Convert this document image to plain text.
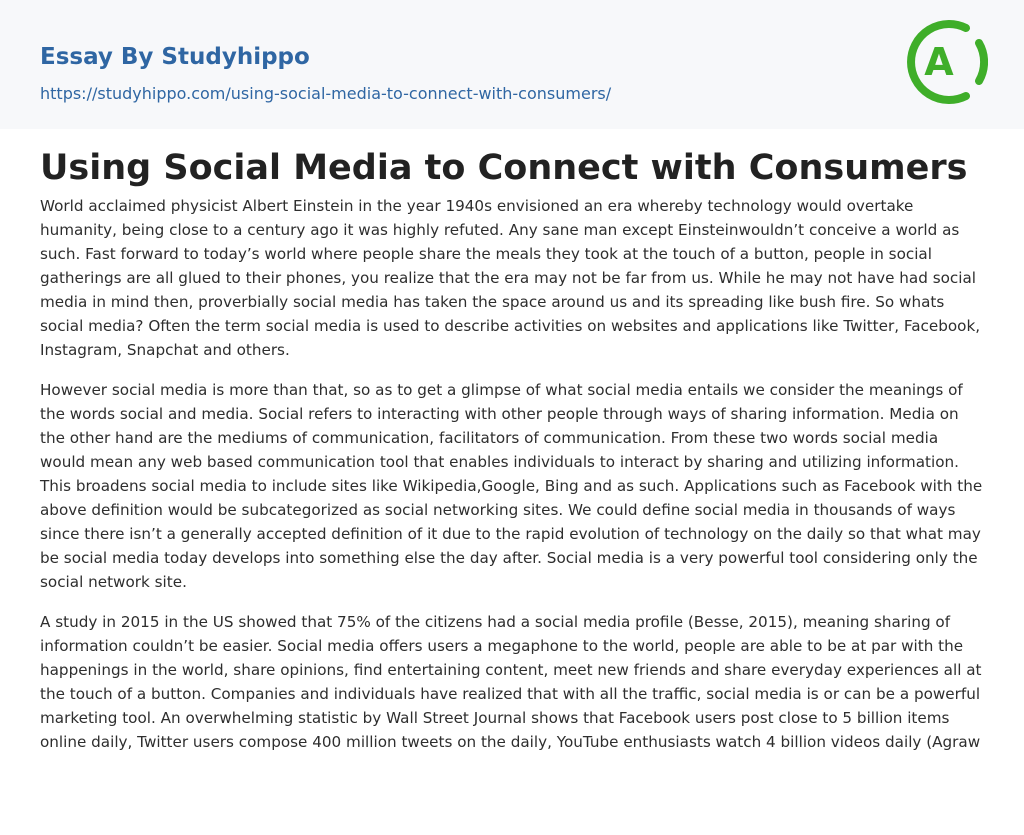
Essay By Studyhippo
https://studyhippo.com/using-social-media-to-connect-with-consumers/
A
Using Social Media to Connect with Consumers

World acclaimed physicist Albert Einstein in the year 1940s envisioned an era whereby technology would overtake humanity, being close to a century ago it was highly refuted. Any sane man except Einsteinwouldn’t conceive a world as such. Fast forward to today’s world where people share the meals they took at the touch of a button, people in social gatherings are all glued to their phones, you realize that the era may not be far from us. While he may not have had social media in mind then, proverbially social media has taken the space around us and its spreading like bush fire. So whats social media? Often the term social media is used to describe activities on websites and applications like Twitter, Facebook, Instagram, Snapchat and others.

However social media is more than that, so as to get a glimpse of what social media entails we consider the meanings of the words social and media. Social refers to interacting with other people through ways of sharing information. Media on the other hand are the mediums of communication, facilitators of communication. From these two words social media would mean any web based communication tool that enables individuals to interact by sharing and utilizing information. This broadens social media to include sites like Wikipedia,Google, Bing and as such. Applications such as Facebook with the above definition would be subcategorized as social networking sites. We could define social media in thousands of ways since there isn’t a generally accepted definition of it due to the rapid evolution of technology on the daily so that what may be social media today develops into something else the day after. Social media is a very powerful tool considering only the social network site.

A study in 2015 in the US showed that 75% of the citizens had a social media profile (Besse, 2015), meaning sharing of information couldn’t be easier. Social media offers users a megaphone to the world, people are able to be at par with the happenings in the world, share opinions, find entertaining content, meet new friends and share everyday experiences all at the touch of a button. Companies and individuals have realized that with all the traffic, social media is or can be a powerful marketing tool. An overwhelming statistic by Wall Street Journal shows that Facebook users post close to 5 billion items online daily, Twitter users compose 400 million tweets on the daily, YouTube enthusiasts watch 4 billion videos daily (Agraw
